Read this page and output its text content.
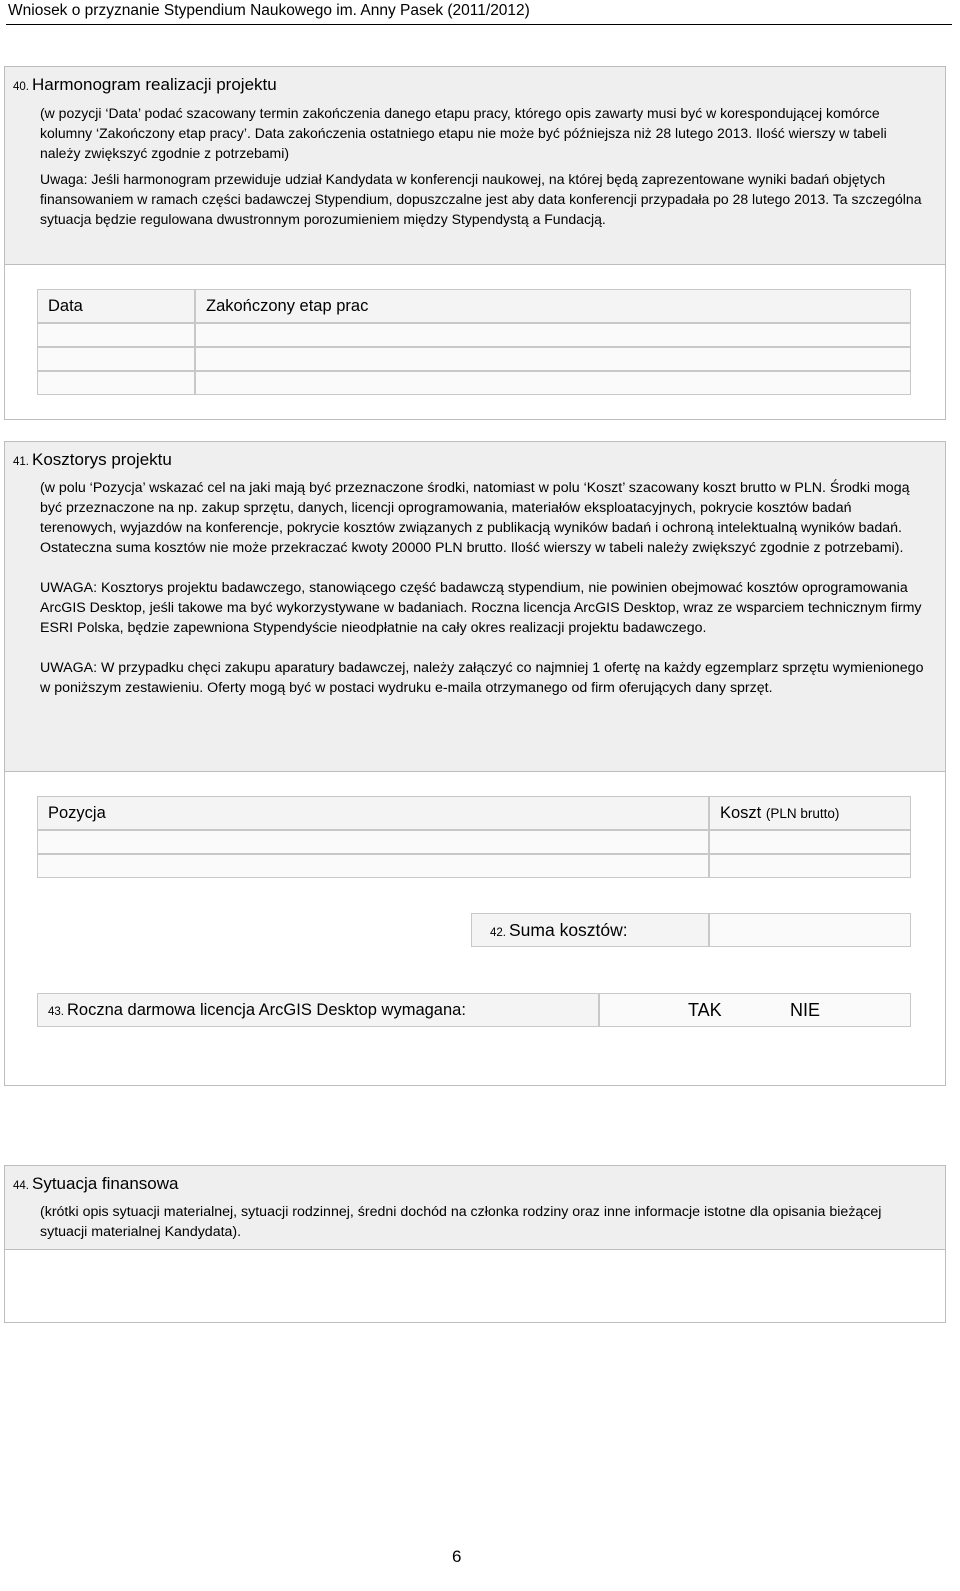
Wniosek o przyznanie Stypendium Naukowego im. Anny Pasek (2011/2012)
40. Harmonogram realizacji projektu

(w pozycji ‘Data’ podać szacowany termin zakończenia danego etapu pracy, którego opis zawarty musi być w korespondującej komórce kolumny ‘Zakończony etap pracy’. Data zakończenia ostatniego etapu nie może być późniejsza niż 28 lutego 2013. Ilość wierszy w tabeli należy zwiększyć zgodnie z potrzebami)

Uwaga: Jeśli harmonogram przewiduje udział Kandydata w konferencji naukowej, na której będą zaprezentowane wyniki badań objętych finansowaniem w ramach części badawczej Stypendium, dopuszczalne jest aby data konferencji przypadała po 28 lutego 2013. Ta szczególna sytuacja będzie regulowana dwustronnym porozumieniem między Stypendystą a Fundacją.

Data	Zakończony etap prac
41. Kosztorys projektu

(w polu ‘Pozycja’ wskazać cel na jaki mają być przeznaczone środki, natomiast w polu ‘Koszt’ szacowany koszt brutto w PLN. Środki mogą być przeznaczone na np. zakup sprzętu, danych, licencji oprogramowania, materiałów eksploatacyjnych, pokrycie kosztów badań terenowych, wyjazdów na konferencje, pokrycie kosztów związanych z publikacją wyników badań i ochroną intelektualną wyników badań. Ostateczna suma kosztów nie może przekraczać kwoty 20000 PLN brutto. Ilość wierszy w tabeli należy zwiększyć zgodnie z potrzebami).

UWAGA: Kosztorys projektu badawczego, stanowiącego część badawczą stypendium, nie powinien obejmować kosztów oprogramowania ArcGIS Desktop, jeśli takowe ma być wykorzystywane w badaniach. Roczna licencja ArcGIS Desktop, wraz ze wsparciem technicznym firmy ESRI Polska, będzie zapewniona Stypendyście nieodpłatnie na cały okres realizacji projektu badawczego.

UWAGA: W przypadku chęci zakupu aparatury badawczej, należy załączyć co najmniej 1 ofertę na każdy egzemplarz sprzętu wymienionego w poniższym zestawieniu. Oferty mogą być w postaci wydruku e-maila otrzymanego od firm oferujących dany sprzęt.

Pozycja	Koszt (PLN brutto)
42. Suma kosztów:
43. Roczna darmowa licencja ArcGIS Desktop wymagana:	TAK	NIE
44. Sytuacja finansowa

(krótki opis sytuacji materialnej, sytuacji rodzinnej, średni dochód na członka rodziny oraz inne informacje istotne dla opisania bieżącej sytuacji materialnej Kandydata).

6
